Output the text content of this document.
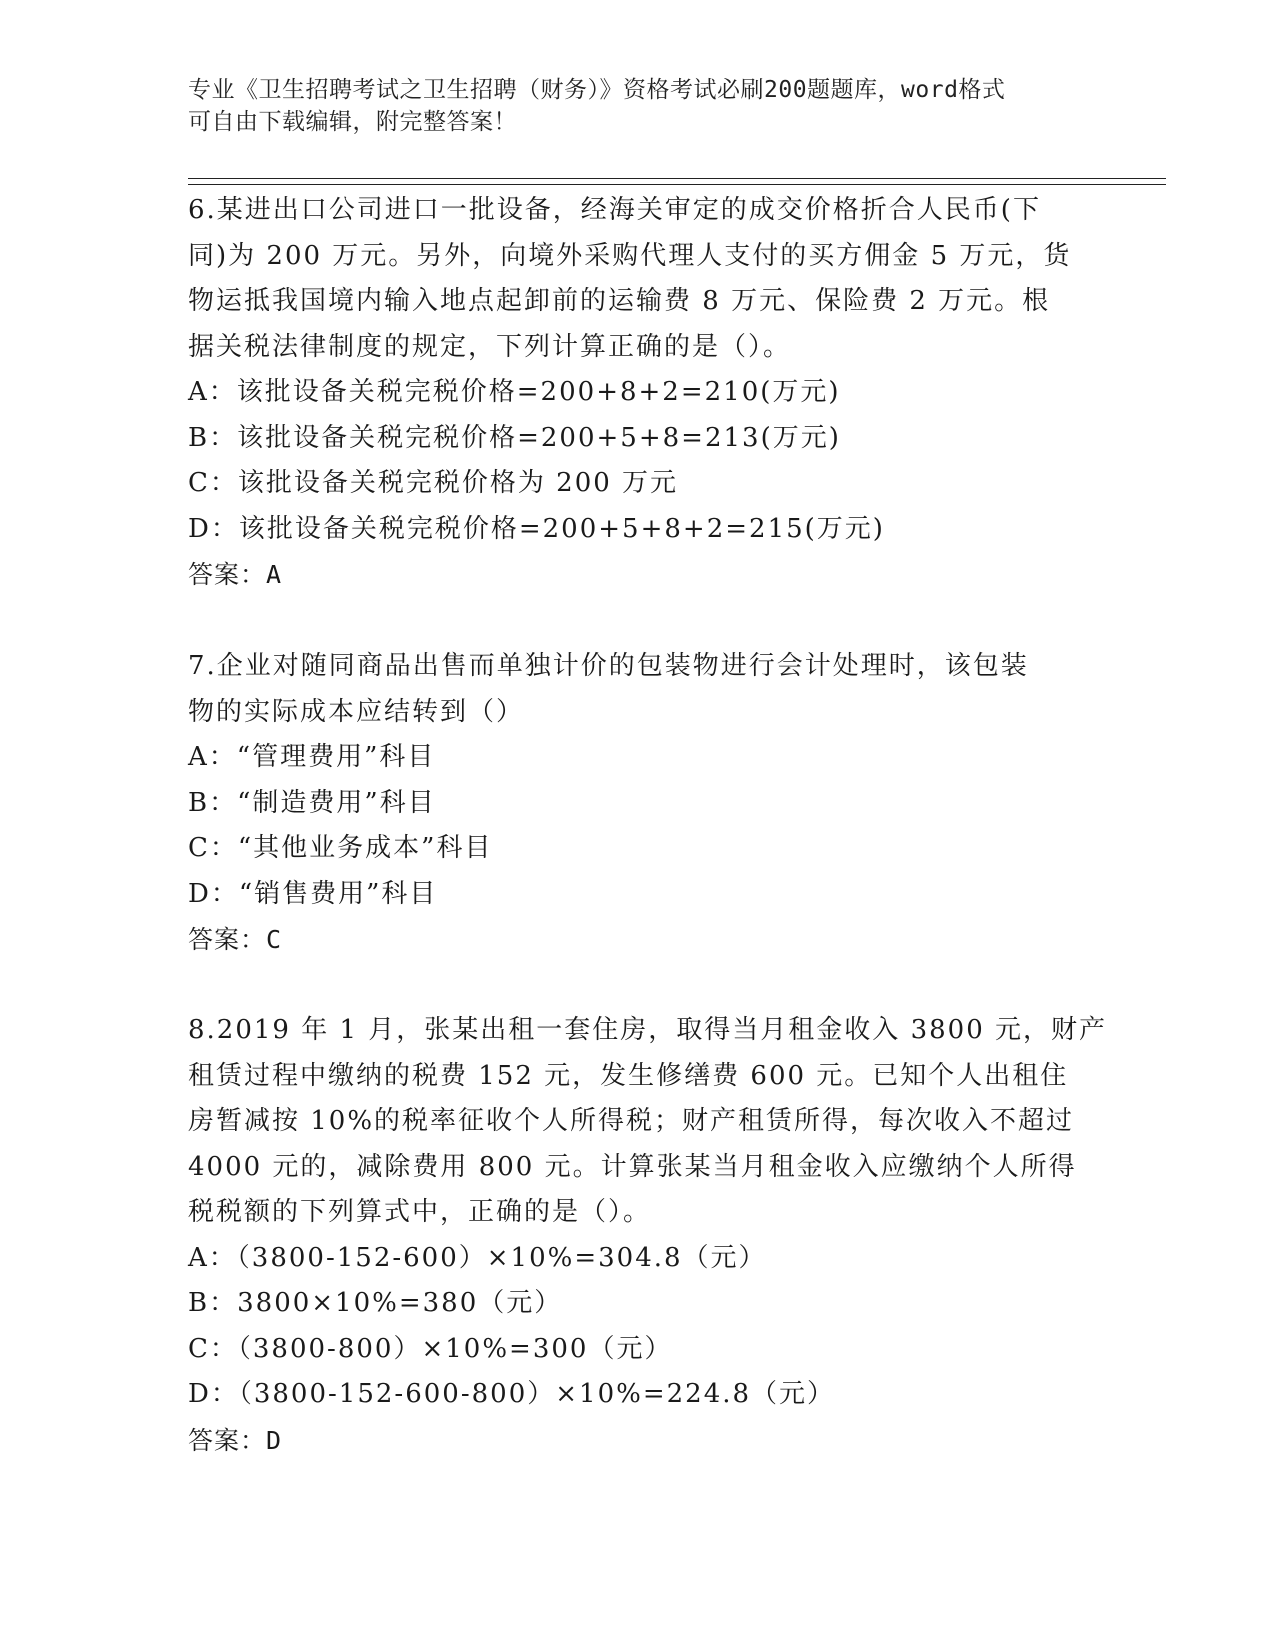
专业《卫生招聘考试之卫生招聘（财务）》资格考试必刷200题题库，word格式
可自由下载编辑，附完整答案！
6.某进出口公司进口一批设备，经海关审定的成交价格折合人民币(下
同)为 200 万元。另外，向境外采购代理人支付的买方佣金 5 万元，货
物运抵我国境内输入地点起卸前的运输费 8 万元、保险费 2 万元。根
据关税法律制度的规定，下列计算正确的是（）。
A：该批设备关税完税价格=200+8+2=210(万元)
B：该批设备关税完税价格=200+5+8=213(万元)
C：该批设备关税完税价格为 200 万元
D：该批设备关税完税价格=200+5+8+2=215(万元)
答案：A
7.企业对随同商品出售而单独计价的包装物进行会计处理时，该包装
物的实际成本应结转到（）
A：“管理费用”科目
B：“制造费用”科目
C：“其他业务成本”科目
D：“销售费用”科目
答案：C
8.2019 年 1 月，张某出租一套住房，取得当月租金收入 3800 元，财产
租赁过程中缴纳的税费 152 元，发生修缮费 600 元。已知个人出租住
房暂减按 10%的税率征收个人所得税；财产租赁所得，每次收入不超过
4000 元的，减除费用 800 元。计算张某当月租金收入应缴纳个人所得
税税额的下列算式中，正确的是（）。
A：（3800-152-600）×10%=304.8（元）
B：3800×10%=380（元）
C：（3800-800）×10%=300（元）
D：（3800-152-600-800）×10%=224.8（元）
答案：D
